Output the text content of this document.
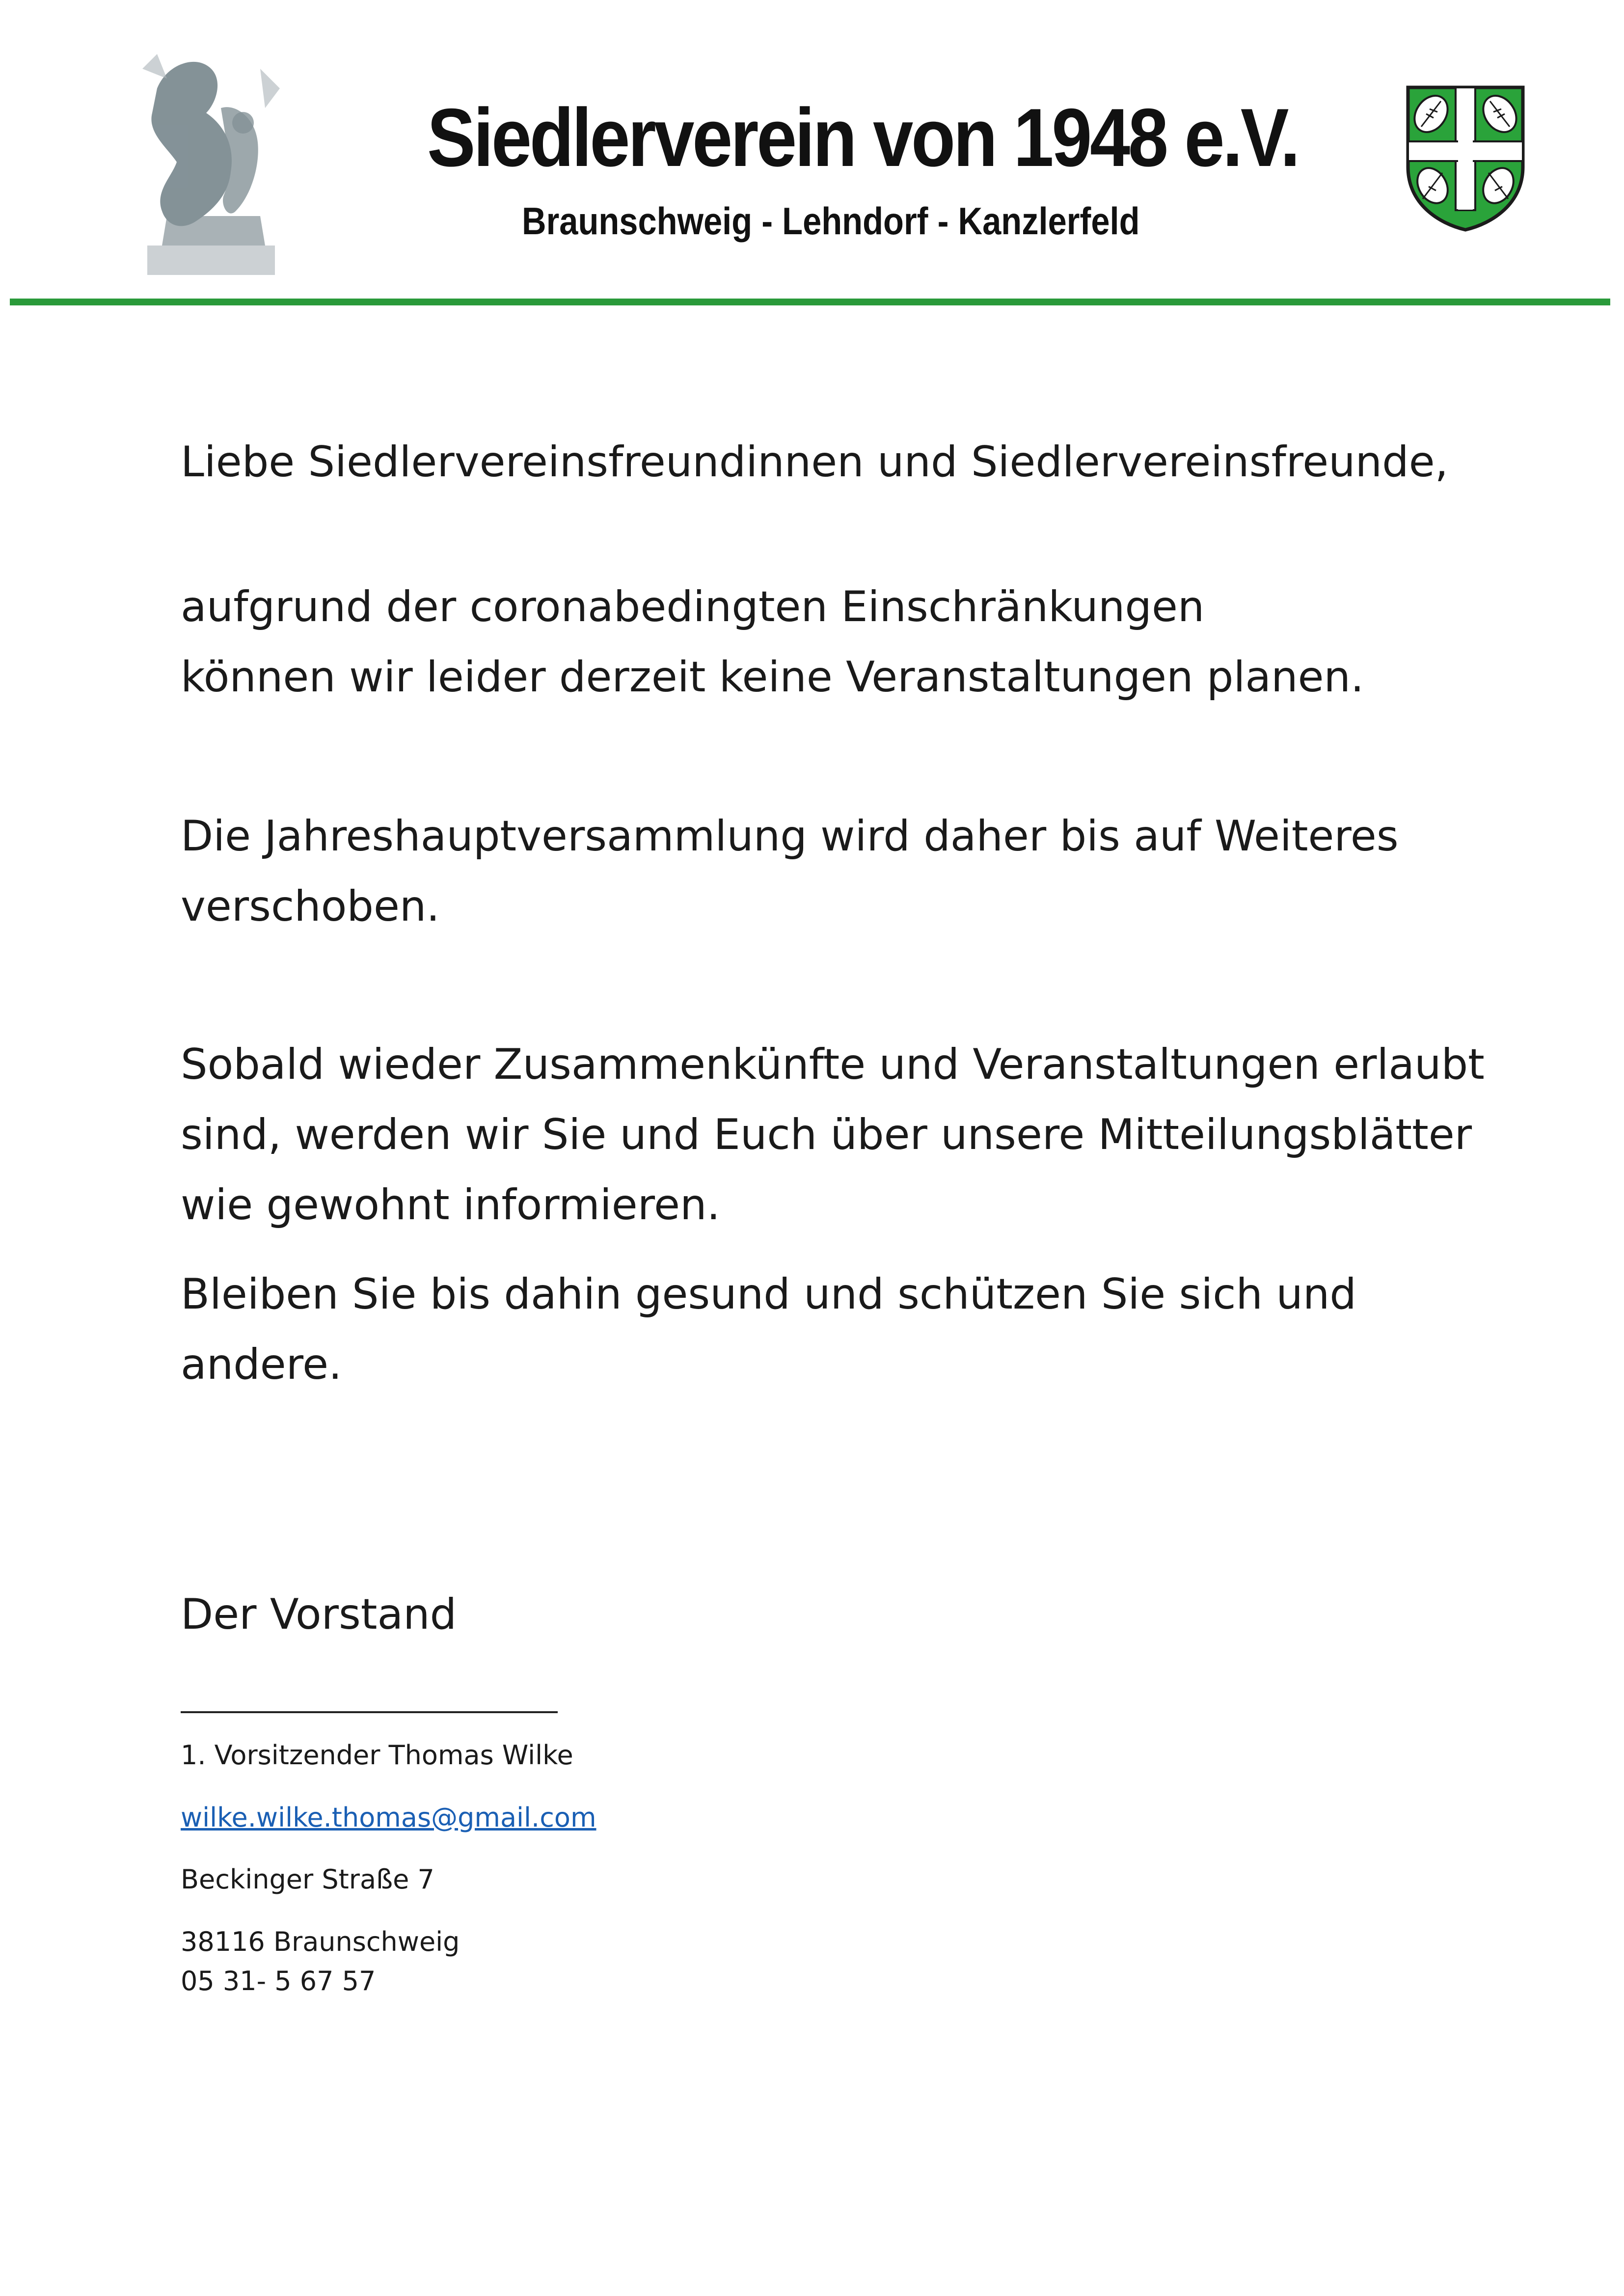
Siedlerverein von 1948 e.V.
Braunschweig - Lehndorf - Kanzlerfeld
Liebe Siedlervereinsfreundinnen und Siedlervereinsfreunde,
aufgrund der coronabedingten Einschränkungen
können wir leider derzeit keine Veranstaltungen planen.
Die Jahreshauptversammlung wird daher bis auf Weiteres
verschoben.
Sobald wieder Zusammenkünfte und Veranstaltungen erlaubt
sind, werden wir Sie und Euch über unsere Mitteilungsblätter
wie gewohnt informieren.
Bleiben Sie bis dahin gesund und schützen Sie sich und
andere.
Der Vorstand
1. Vorsitzender Thomas Wilke
wilke.wilke.thomas@gmail.com
Beckinger Straße 7
38116 Braunschweig
05 31- 5 67 57
